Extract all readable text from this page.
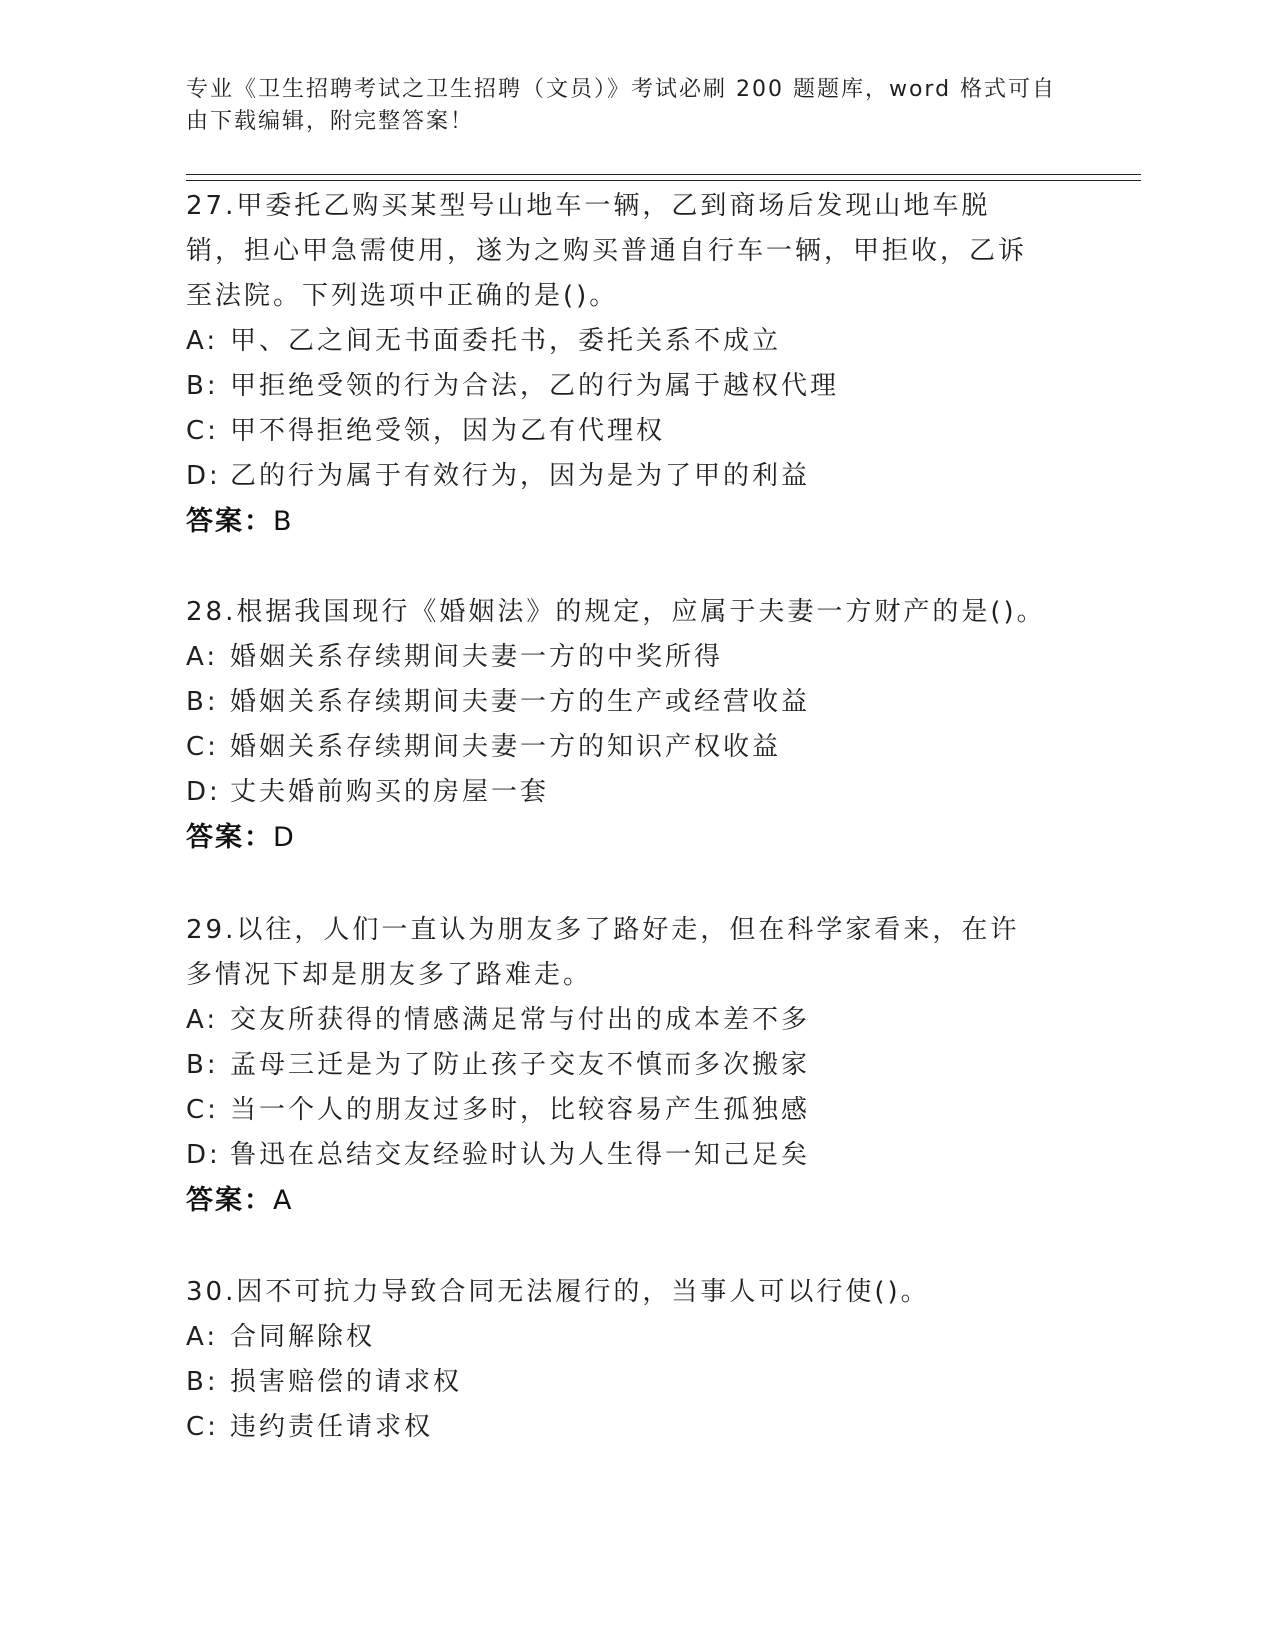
专业《卫生招聘考试之卫生招聘（文员）》考试必刷 200 题题库，word 格式可自
由下载编辑，附完整答案！

27.甲委托乙购买某型号山地车一辆，乙到商场后发现山地车脱销，担心甲急需使用，遂为之购买普通自行车一辆，甲拒收，乙诉至法院。下列选项中正确的是()。

A: 甲、乙之间无书面委托书，委托关系不成立

B: 甲拒绝受领的行为合法，乙的行为属于越权代理

C: 甲不得拒绝受领，因为乙有代理权

D: 乙的行为属于有效行为，因为是为了甲的利益

答案：B

28.根据我国现行《婚姻法》的规定，应属于夫妻一方财产的是()。

A: 婚姻关系存续期间夫妻一方的中奖所得

B: 婚姻关系存续期间夫妻一方的生产或经营收益

C: 婚姻关系存续期间夫妻一方的知识产权收益

D: 丈夫婚前购买的房屋一套

答案：D

29.以往，人们一直认为朋友多了路好走，但在科学家看来，在许多情况下却是朋友多了路难走。

A: 交友所获得的情感满足常与付出的成本差不多

B: 孟母三迁是为了防止孩子交友不慎而多次搬家

C: 当一个人的朋友过多时，比较容易产生孤独感

D: 鲁迅在总结交友经验时认为人生得一知己足矣

答案：A

30.因不可抗力导致合同无法履行的，当事人可以行使()。

A: 合同解除权

B: 损害赔偿的请求权

C: 违约责任请求权
